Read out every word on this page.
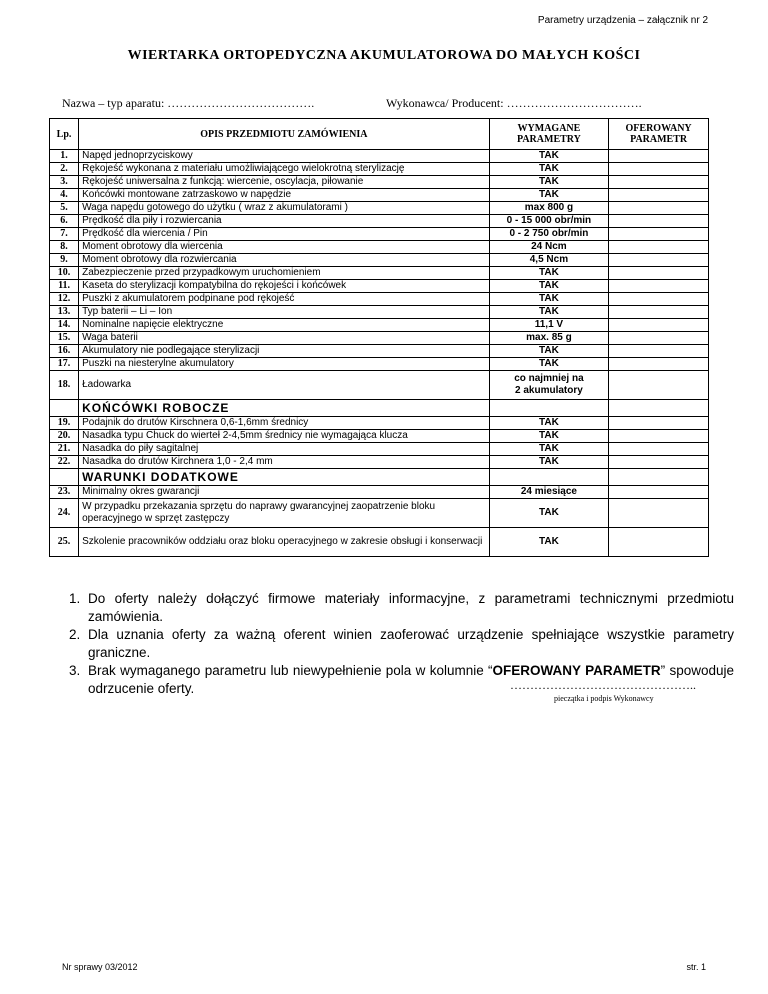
Parametry urządzenia – załącznik nr 2
WIERTARKA ORTOPEDYCZNA AKUMULATOROWA DO MAŁYCH KOŚCI
Nazwa – typ aparatu: ……………………………….	Wykonawca/ Producent: …………………………….
Lp.	OPIS PRZEDMIOTU ZAMÓWIENIA	WYMAGANE PARAMETRY	OFEROWANY PARAMETR
1.	Napęd jednoprzyciskowy	TAK	
2.	Rękojeść wykonana z materiału umożliwiającego wielokrotną sterylizację	TAK	
3.	Rękojeść uniwersalna z funkcją: wiercenie, oscylacja, piłowanie	TAK	
4.	Końcówki montowane zatrzaskowo w napędzie	TAK	
5.	Waga napędu gotowego do użytku ( wraz z akumulatorami )	max 800 g	
6.	Prędkość dla piły i rozwiercania	0 - 15 000 obr/min	
7.	Prędkość dla wiercenia / Pin	0 - 2 750 obr/min	
8.	Moment obrotowy dla wiercenia	24 Ncm	
9.	Moment obrotowy dla rozwiercania	4,5 Ncm	
10.	Zabezpieczenie przed przypadkowym uruchomieniem	TAK	
11.	Kaseta do sterylizacji kompatybilna do rękojeści i końcówek	TAK	
12.	Puszki z akumulatorem podpinane pod rękojeść	TAK	
13.	Typ baterii – Li – Ion	TAK	
14.	Nominalne napięcie elektryczne	11,1 V	
15.	Waga baterii	max. 85 g	
16.	Akumulatory nie podlegające sterylizacji	TAK	
17.	Puszki na niesterylne akumulatory	TAK	
18.	Ładowarka	co najmniej na
2 akumulatory	
	KOŃCÓWKI ROBOCZE		
19.	Podajnik do drutów Kirschnera 0,6-1,6mm średnicy	TAK	
20.	Nasadka typu Chuck do wierteł 2-4,5mm średnicy nie wymagająca klucza	TAK	
21.	Nasadka do piły sagitalnej	TAK	
22.	Nasadka do drutów Kirchnera 1,0 - 2,4 mm	TAK	
	WARUNKI DODATKOWE		
23.	Minimalny okres gwarancji	24 miesiące	
24.	W przypadku przekazania sprzętu do naprawy gwarancyjnej zaopatrzenie bloku operacyjnego w sprzęt zastępczy	TAK	
25.	Szkolenie pracowników oddziału oraz bloku operacyjnego w zakresie obsługi i konserwacji	TAK	
1. Do oferty należy dołączyć firmowe materiały informacyjne, z parametrami technicznymi przedmiotu zamówienia.
2. Dla uznania oferty za ważną oferent winien zaoferować urządzenie spełniające wszystkie parametry graniczne.
3. Brak wymaganego parametru lub niewypełnienie pola w kolumnie “OFEROWANY PARAMETR” spowoduje odrzucenie oferty.	………………………………………..
pieczątka i podpis Wykonawcy
Nr sprawy 03/2012	str. 1
